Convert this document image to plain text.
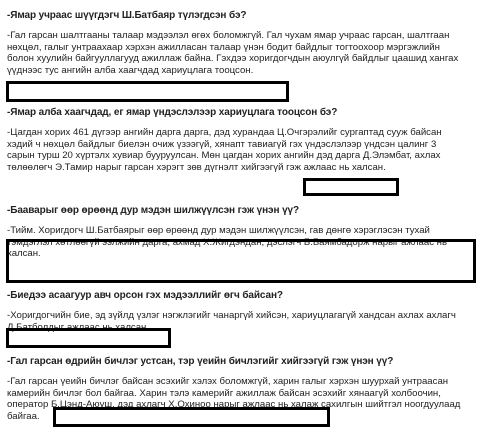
-Ямар учраас шүүгдэгч Ш.Батбаяр түлэгдсэн бэ?
-Гал гарсан шалтгааны талаар мэдээлэл өгөх боломжгүй. Гал чухам ямар учраас гарсан, шалтгаан
нөхцөл, галыг унтраахаар хэрхэн ажилласан талаар үнэн бодит байдлыг тогтоохоор мэргэжлийн
болон хуулийн байгууллагууд ажиллаж байна. Гэхдээ хоригдогчдын аюулгүй байдлыг цаашид хангах
үүднээс тус ангийн алба хаагчдад хариуцлага тооцсон.
-Ямар алба хаагчдад, ег ямар үндэслэлээр хариуцлага тооцсон бэ?
-Цагдан хорих 461 дүгээр ангийн дарга дарга, дэд хурандаа Ц.Очгэрэлийг сургаптад сууж байсан
хэдий ч нөхцөл байдлыг биелэн очиж үзээгүй, хянапт тавиагүй гэх үндэслэлээр үндсэн цалинг 3
сарын турш 20 хүртэлх хувиар бууруулсан. Мөн цагдан хорих ангийн дэд дарга Д.Элэмбат, ахлах
төлөөлөгч Э.Тамир нарыг гарсан хэрэгт зөв дүгнэлт хийгээгүй гэж ажлаас нь халсан.
-Бааварыг өөр өрөөнд дур мэдэн шилжүүлсэн гэж үнэн үү?
-Тийм. Хоригдогч Ш.Батбаярыг өөр өрөөнд дур мэдэн шилжүүлсэн, гав дөнгө хэрэглэсэн тухай
тэмдэглэл хөтлөөгүй ээлжийн дарга, ахмад Х.Жигдэндан, дэслэгч Б.Баямбадорж нарыг ажлаас нь
халсан.
-Биедээ асаагуур авч орсон гэх мэдээллийг өгч байсан?
-Хоригдогчийн бие, эд зүйлд үзлэг нэгжлэгийг чанаргүй хийсэн, хариуцлагагүй хандсан ахлах ахлагч
Д.Батболдыг ажлаас нь халсан.
-Гал гарсан өдрийн бичлэг устсан, тэр үеийн бичлэгийг хийгээгүй гэж үнэн үү?
-Гал гарсан үеийн бичлэг байсан эсэхийг хэлэх боломжгүй, харин галыг хэрхэн шуурхай унтраасан
камерийн бичлэг бол байгаа. Харин тэлэ камерийг ажиллаж байсан эсэхийг хянаагүй холбоочин,
оператор Б.Цэнд-Аюуш, дэд ахлагч Х.Охиноо нарыг ажлаас нь халаж сахилгын шийтгэл ноогдуулаад
байгаа.
